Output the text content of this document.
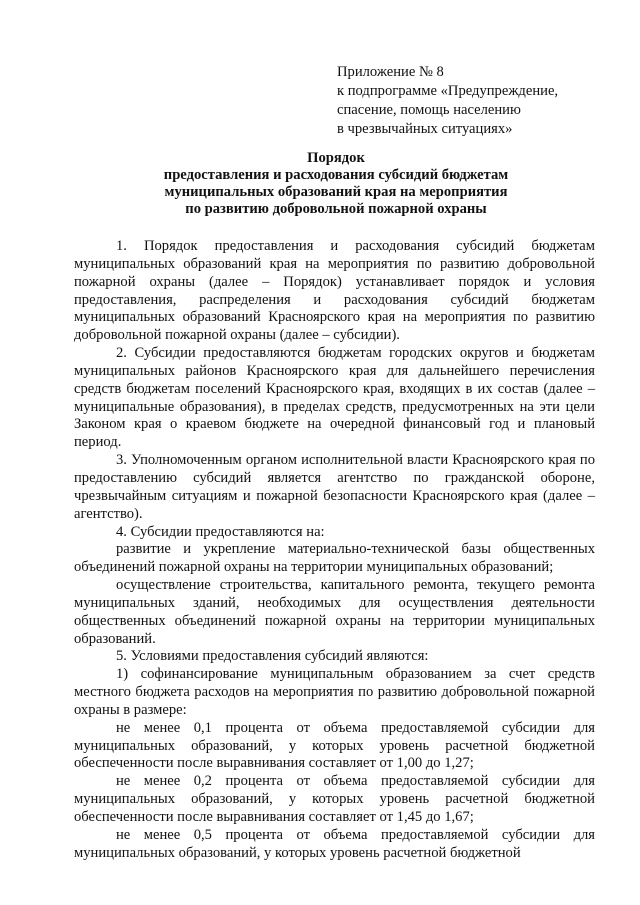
Приложение № 8
к подпрограмме «Предупреждение,
спасение, помощь населению
в чрезвычайных ситуациях»
Порядок
предоставления и расходования субсидий бюджетам
муниципальных образований края на мероприятия
по развитию добровольной пожарной охраны

1. Порядок предоставления и расходования субсидий бюджетам муниципальных образований края на мероприятия по развитию добровольной пожарной охраны (далее – Порядок) устанавливает порядок и условия предоставления, распределения и расходования субсидий бюджетам муниципальных образований Красноярского края на мероприятия по развитию добровольной пожарной охраны (далее – субсидии).

2. Субсидии предоставляются бюджетам городских округов и бюджетам муниципальных районов Красноярского края для дальнейшего перечисления средств бюджетам поселений Красноярского края, входящих в их состав (далее – муниципальные образования), в пределах средств, предусмотренных на эти цели Законом края о краевом бюджете на очередной финансовый год и плановый период.

3. Уполномоченным органом исполнительной власти Красноярского края по предоставлению субсидий является агентство по гражданской обороне, чрезвычайным ситуациям и пожарной безопасности Красноярского края (далее – агентство).

4. Субсидии предоставляются на:

развитие и укрепление материально-технической базы общественных объединений пожарной охраны на территории муниципальных образований;

осуществление строительства, капитального ремонта, текущего ремонта муниципальных зданий, необходимых для осуществления деятельности общественных объединений пожарной охраны на территории муниципальных образований.

5. Условиями предоставления субсидий являются:

1) софинансирование муниципальным образованием за счет средств местного бюджета расходов на мероприятия по развитию добровольной пожарной охраны в размере:

не менее 0,1 процента от объема предоставляемой субсидии для муниципальных образований, у которых уровень расчетной бюджетной обеспеченности после выравнивания составляет от 1,00 до 1,27;

не менее 0,2 процента от объема предоставляемой субсидии для муниципальных образований, у которых уровень расчетной бюджетной обеспеченности после выравнивания составляет от 1,45 до 1,67;

не менее 0,5 процента от объема предоставляемой субсидии для муниципальных образований, у которых уровень расчетной бюджетной
